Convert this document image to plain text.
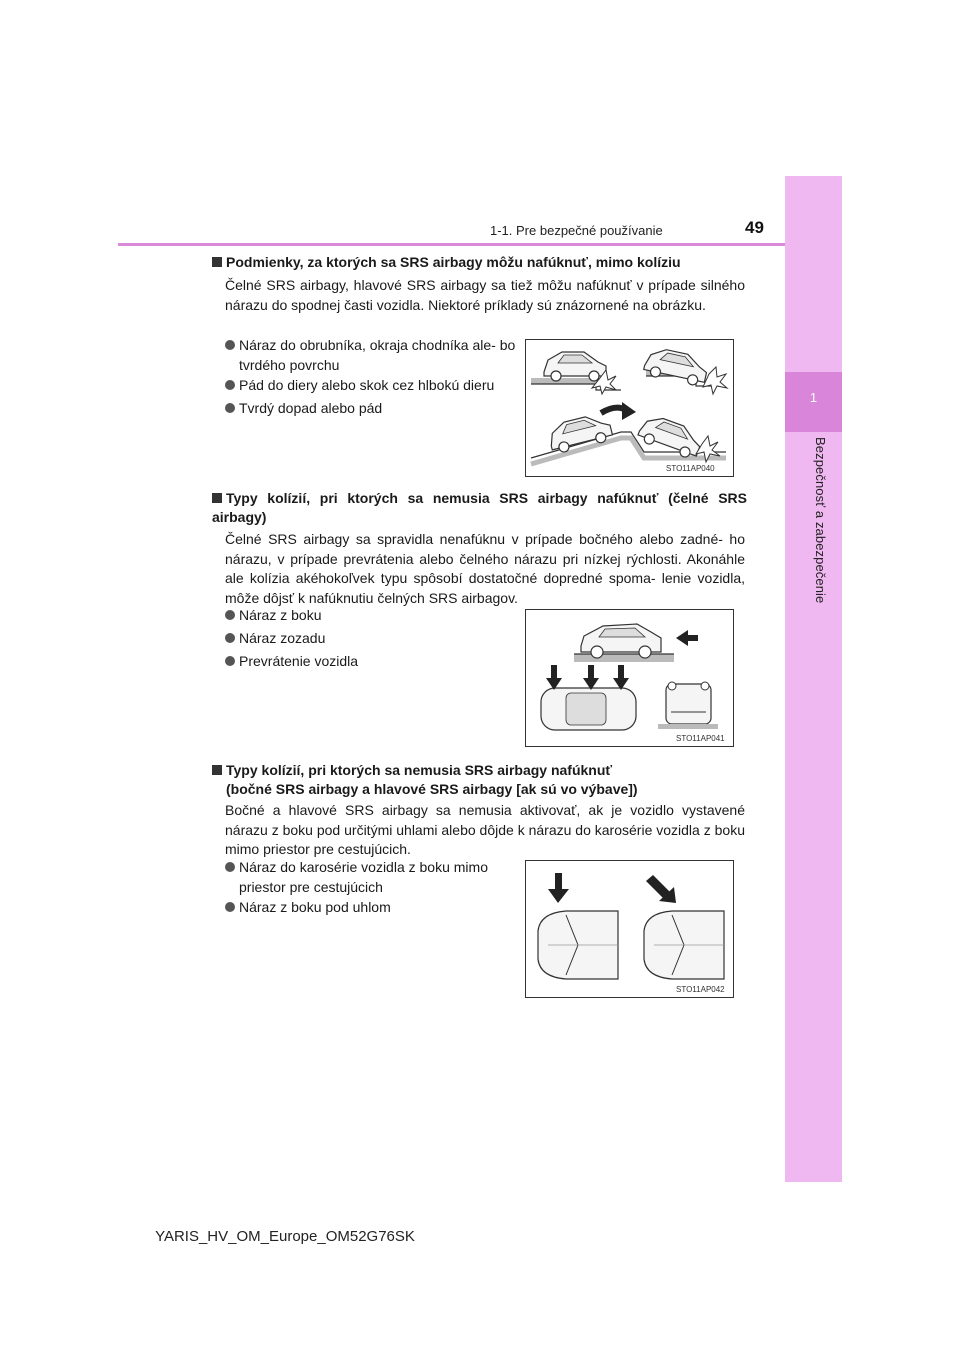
1
Bezpečnosť a zabezpečenie
1-1. Pre bezpečné používanie	49
Podmienky, za ktorých sa SRS airbagy môžu nafúknuť, mimo kolíziu
Čelné SRS airbagy, hlavové SRS airbagy sa tiež môžu nafúknuť v prípade silného nárazu do spodnej časti vozidla. Niektoré príklady sú znázornené na obrázku.
Náraz do obrubníka, okraja chodníka ale- bo tvrdého povrchu
Pád do diery alebo skok cez hlbokú dieru
Tvrdý dopad alebo pád
STO11AP040
Typy kolízií, pri ktorých sa nemusia SRS airbagy nafúknuť (čelné SRS airbagy)
Čelné SRS airbagy sa spravidla nenafúknu v prípade bočného alebo zadné- ho nárazu, v prípade prevrátenia alebo čelného nárazu pri nízkej rýchlosti. Akonáhle ale kolízia akéhokoľvek typu spôsobí dostatočné dopredné spoma- lenie vozidla, môže dôjsť k nafúknutiu čelných SRS airbagov.
Náraz z boku
Náraz zozadu
Prevrátenie vozidla
STO11AP041
Typy kolízií, pri ktorých sa nemusia SRS airbagy nafúknuť
(bočné SRS airbagy a hlavové SRS airbagy [ak sú vo výbave])
Bočné a hlavové SRS airbagy sa nemusia aktivovať, ak je vozidlo vystavené nárazu z boku pod určitými uhlami alebo dôjde k nárazu do karosérie vozidla z boku mimo priestor pre cestujúcich.
Náraz do karosérie vozidla z boku mimo priestor pre cestujúcich
Náraz z boku pod uhlom
STO11AP042
YARIS_HV_OM_Europe_OM52G76SK
